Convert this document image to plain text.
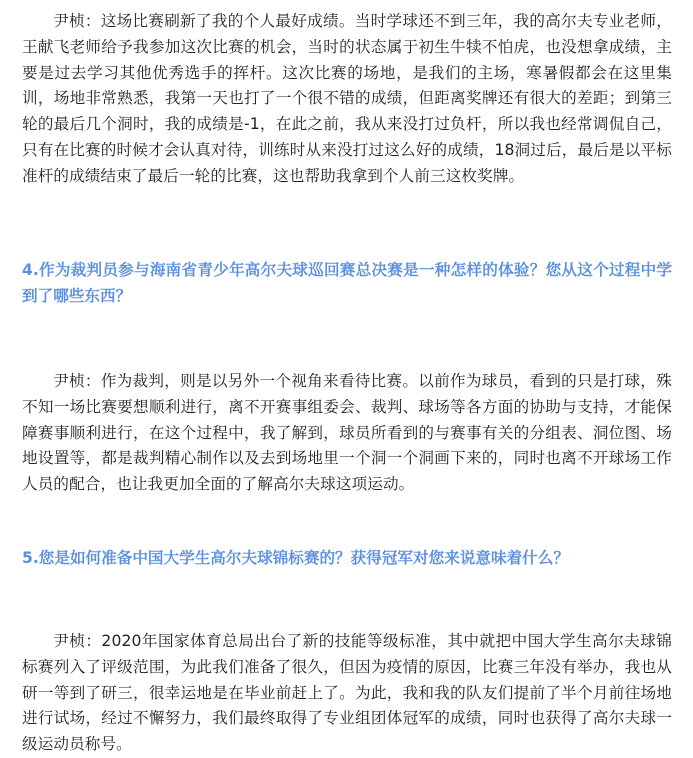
尹桢：这场比赛刷新了我的个人最好成绩。当时学球还不到三年，我的高尔夫专业老师，王献飞老师给予我参加这次比赛的机会，当时的状态属于初生牛犊不怕虎，也没想拿成绩，主要是过去学习其他优秀选手的挥杆。这次比赛的场地，是我们的主场，寒暑假都会在这里集训，场地非常熟悉，我第一天也打了一个很不错的成绩，但距离奖牌还有很大的差距；到第三轮的最后几个洞时，我的成绩是-1，在此之前，我从来没打过负杆，所以我也经常调侃自己，只有在比赛的时候才会认真对待，训练时从来没打过这么好的成绩，18洞过后，最后是以平标准杆的成绩结束了最后一轮的比赛，这也帮助我拿到个人前三这枚奖牌。

4.作为裁判员参与海南省青少年高尔夫球巡回赛总决赛是一种怎样的体验？您从这个过程中学到了哪些东西？

尹桢：作为裁判，则是以另外一个视角来看待比赛。以前作为球员，看到的只是打球，殊不知一场比赛要想顺利进行，离不开赛事组委会、裁判、球场等各方面的协助与支持，才能保障赛事顺利进行，在这个过程中，我了解到，球员所看到的与赛事有关的分组表、洞位图、场地设置等，都是裁判精心制作以及去到场地里一个洞一个洞画下来的，同时也离不开球场工作人员的配合，也让我更加全面的了解高尔夫球这项运动。

5.您是如何准备中国大学生高尔夫球锦标赛的？获得冠军对您来说意味着什么？

尹桢：2020年国家体育总局出台了新的技能等级标准，其中就把中国大学生高尔夫球锦标赛列入了评级范围，为此我们准备了很久，但因为疫情的原因，比赛三年没有举办，我也从研一等到了研三，很幸运地是在毕业前赶上了。为此，我和我的队友们提前了半个月前往场地进行试场，经过不懈努力，我们最终取得了专业组团体冠军的成绩，同时也获得了高尔夫球一级运动员称号。
